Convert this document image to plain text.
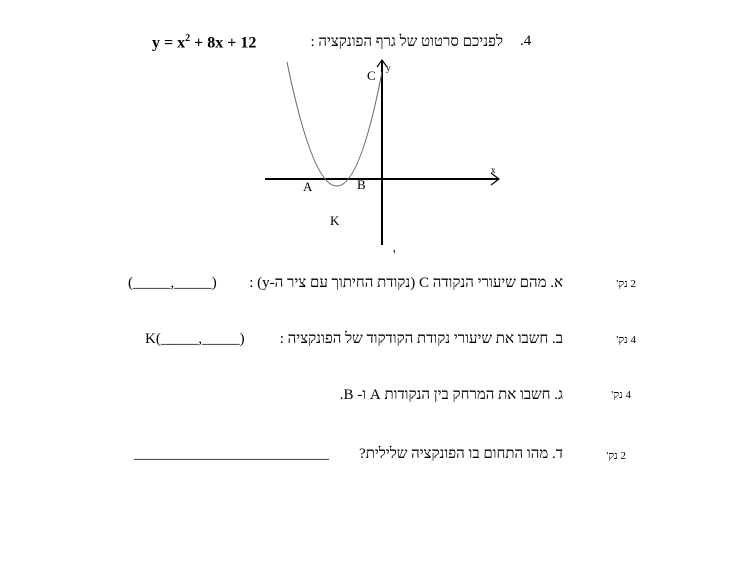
.4
לפניכם סרטוט של גרף הפונקציה :
$y = x^2 + 8x + 12$
A	B
C
K
x
y
'
א. מהם שיעורי הנקודה C (נקודת החיתוך עם ציר ה-y) :
(_____,_____)	2 נק'
ב. חשבו את שיעורי נקודת הקודקוד של הפונקציה :
K(_____,_____)	4 נק'
ג. חשבו את המרחק בין הנקודות A ו- B.	4 נק'
ד. מהו התחום בו הפונקציה שלילית?
__________________________	2 נק'
